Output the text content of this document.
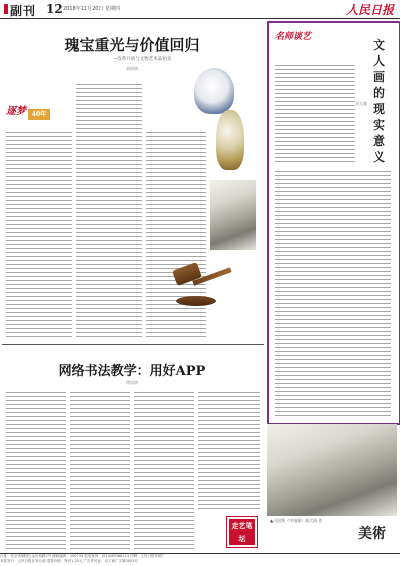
副刊 12 2018年11月20日 星期四	人民日报
瑰宝重光与价值回归
—改革开放与文物艺术品拍卖
胡妍妍
逐梦 40年
网络书法教学：用好APP
徐国鸿
走艺笔坛
名师谈艺
文人画的现实意义
刘大雄
▲山居图（中国画）高大同 作
美術
社址：北京市朝阳区金台西路2号 邮政编码：100733 电话查询：(010)65368114 印刷：人民日报印刷厂
本报发行：人民日报社发行部 零售价格：每份1.20元 广告许可证：京工商广字第0002号
